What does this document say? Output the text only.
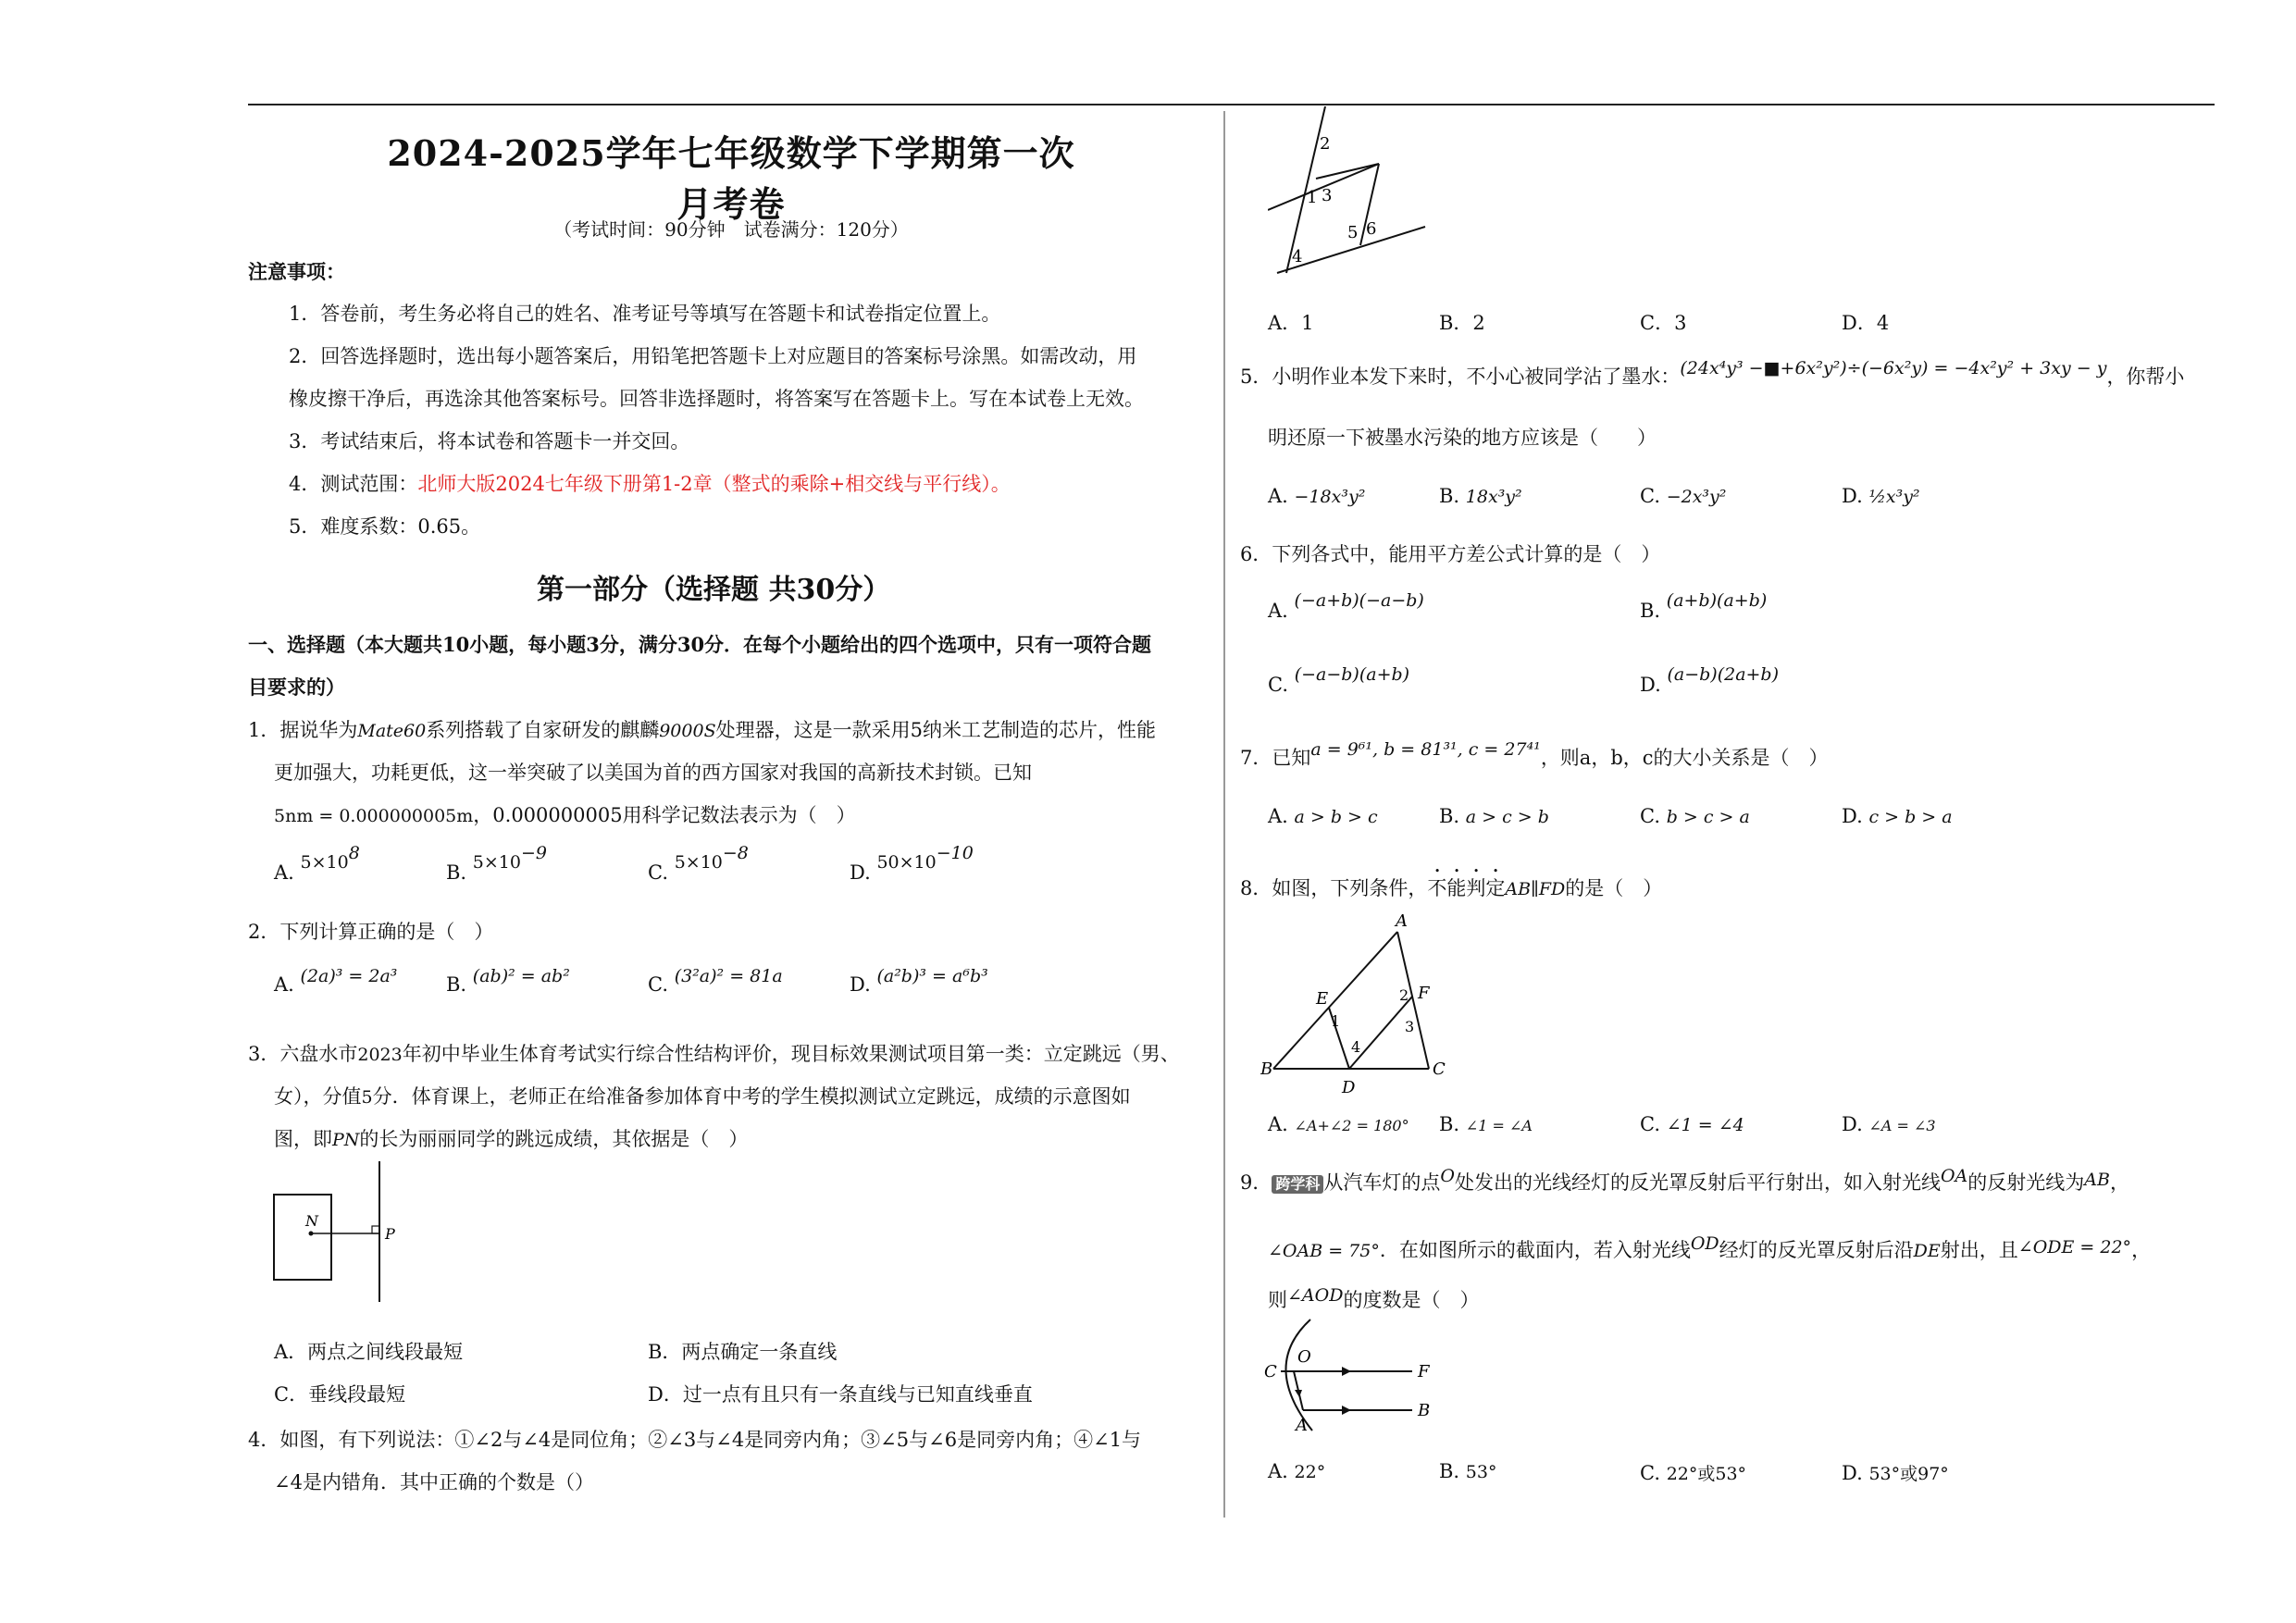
2024-2025学年七年级数学下学期第一次月考卷
（考试时间：90分钟　试卷满分：120分）
注意事项：
1．答卷前，考生务必将自己的姓名、准考证号等填写在答题卡和试卷指定位置上。
2．回答选择题时，选出每小题答案后，用铅笔把答题卡上对应题目的答案标号涂黑。如需改动，用
橡皮擦干净后，再选涂其他答案标号。回答非选择题时，将答案写在答题卡上。写在本试卷上无效。
3．考试结束后，将本试卷和答题卡一并交回。
4．测试范围：北师大版2024七年级下册第1-2章（整式的乘除+相交线与平行线）。
5．难度系数：0.65。
第一部分（选择题 共30分）
一、选择题（本大题共10小题，每小题3分，满分30分．在每个小题给出的四个选项中，只有一项符合题
目要求的）
1．据说华为Mate60系列搭载了自家研发的麒麟9000S处理器，这是一款采用5纳米工艺制造的芯片，性能
更加强大，功耗更低，这一举突破了以美国为首的西方国家对我国的高新技术封锁。已知
5nm = 0.000000005m，0.000000005用科学记数法表示为（　）
A. $5\times 10^8$
B. $5\times 10^{-9}$
C. $5\times 10^{-8}$
D. $50\times 10^{-10}$
2．下列计算正确的是（　）
A. (2a)³ = 2a³	B. (ab)² = ab²	C. (3²a)² = 81a	D. (a²b)³ = a⁶b³
3．六盘水市2023年初中毕业生体育考试实行综合性结构评价，现目标效果测试项目第一类：立定跳远（男、
女），分值5分．体育课上，老师正在给准备参加体育中考的学生模拟测试立定跳远，成绩的示意图如
图，即PN的长为丽丽同学的跳远成绩，其依据是（　）
N
P
A．两点之间线段最短	B．两点确定一条直线
C．垂线段最短	D．过一点有且只有一条直线与已知直线垂直
4．如图，有下列说法：①∠2与∠4是同位角；②∠3与∠4是同旁内角；③∠5与∠6是同旁内角；④∠1与
∠4是内错角．其中正确的个数是（）
1
2
3
4
5 6
A．1	B．2	C．3	D．4
5．小明作业本发下来时，不小心被同学沾了墨水：(24x⁴y³ −■+6x²y²)÷(−6x²y) = −4x²y² + 3xy − y，你帮小
明还原一下被墨水污染的地方应该是（　　）
A. −18x³y²	B. 18x³y²	C. −2x³y²	D. ½x³y²
6．下列各式中，能用平方差公式计算的是（　）
A. (−a+b)(−a−b)	B. (a+b)(a+b)
C. (−a−b)(a+b)	D. (a−b)(2a+b)
7．已知a = 9⁶¹, b = 81³¹, c = 27⁴¹，则a，b，c的大小关系是（　）
A. a > b > c	B. a > c > b	C. b > c > a	D. c > b > a
8．如图，下列条件，不能判定AB∥FD的是（　）
A
B	C
D
E	F
1
2
3
4
A. ∠A+∠2 = 180° B. ∠1 = ∠A	C. ∠1 = ∠4	D. ∠A = ∠3
9． 跨学科 从汽车灯的点O处发出的光线经灯的反光罩反射后平行射出，如入射光线OA的反射光线为AB，
∠OAB = 75°．在如图所示的截面内，若入射光线OD经灯的反光罩反射后沿DE射出，且∠ODE = 22°，
则∠AOD的度数是（　）
C
O
F
A
B
A. 22°	B. 53°	C. 22°或53°	D. 53°或97°
